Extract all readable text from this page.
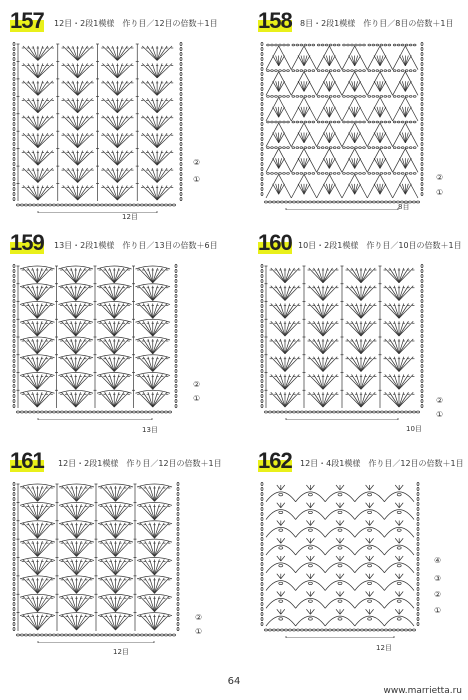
157 12目・2段1模様　作り目／12目の倍数＋1目
②
①
12目
158 8目・2段1模様　作り目／8目の倍数＋1目
②
①
8目
159 13目・2段1模様　作り目／13目の倍数＋6目
②
①
13目
160 10目・2段1模様　作り目／10目の倍数＋1目
②
①
10目
161 12目・2段1模様　作り目／12目の倍数＋1目
②
①
12目
162 12目・4段1模様　作り目／12目の倍数＋1目
④
③
②
①
12目
64
www.marrietta.ru
